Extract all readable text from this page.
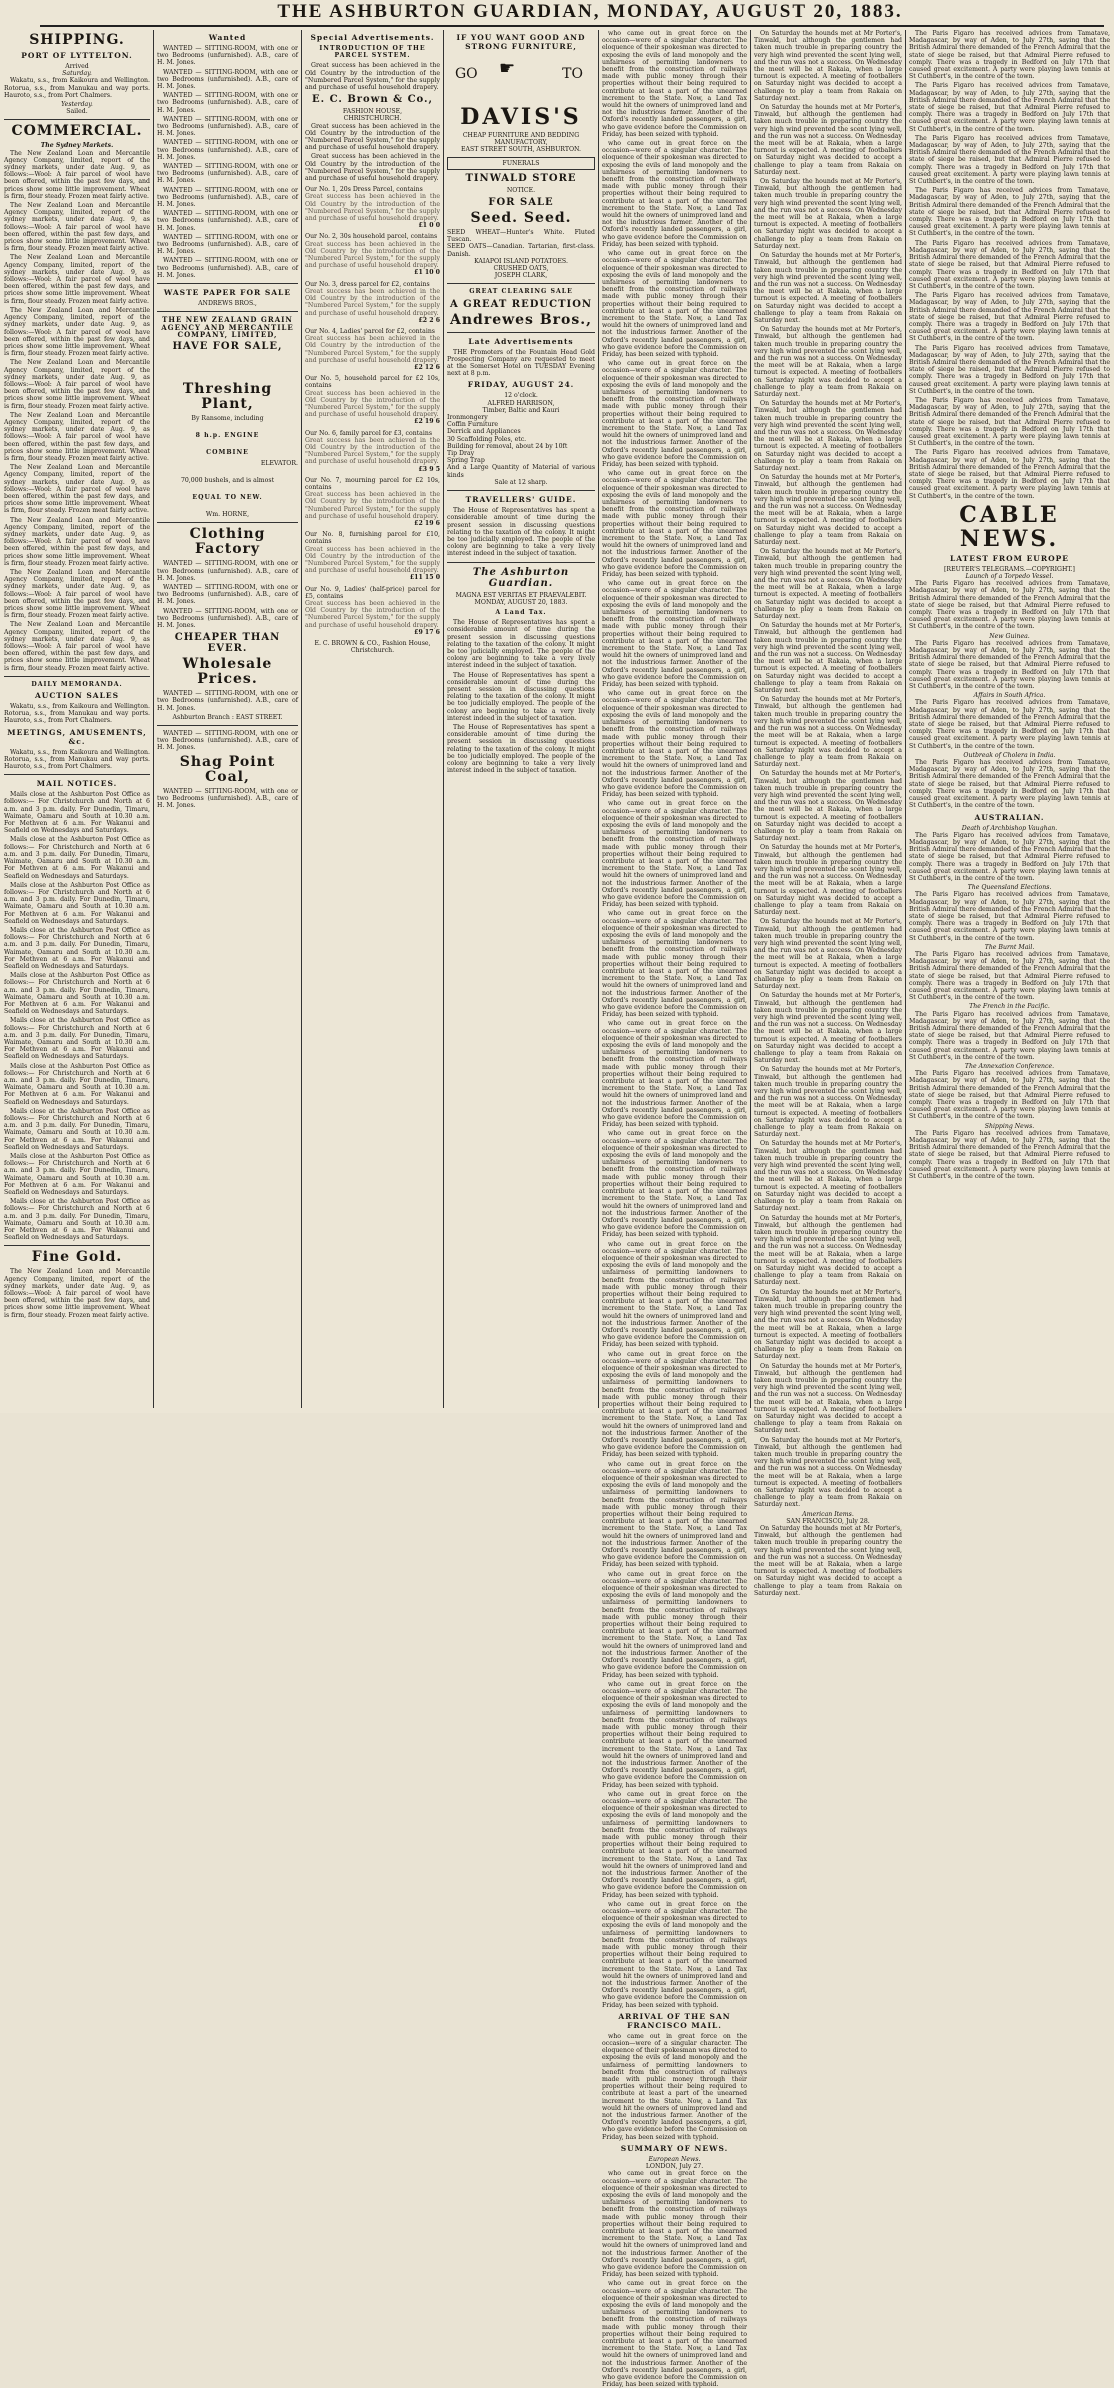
THE ASHBURTON GUARDIAN, MONDAY, AUGUST 20, 1883.
SHIPPING.
PORT OF LYTTELTON.
Arrived
Saturday.

Wakatu, s.s., from Kaikoura and Wellington. Rotorua, s.s., from Manukau and way ports. Hauroto, s.s., from Port Chalmers.

Yesterday.
Sailed.
COMMERCIAL.
The Sydney Markets.

The New Zealand Loan and Mercantile Agency Company, limited, report of the sydney markets, under date Aug. 9, as follows:—Wool: A fair parcel of wool have been offered, within the past few days, and prices show some little improvement. Wheat is firm, flour steady. Frozen meat fairly active.

The New Zealand Loan and Mercantile Agency Company, limited, report of the sydney markets, under date Aug. 9, as follows:—Wool: A fair parcel of wool have been offered, within the past few days, and prices show some little improvement. Wheat is firm, flour steady. Frozen meat fairly active.

The New Zealand Loan and Mercantile Agency Company, limited, report of the sydney markets, under date Aug. 9, as follows:—Wool: A fair parcel of wool have been offered, within the past few days, and prices show some little improvement. Wheat is firm, flour steady. Frozen meat fairly active.

The New Zealand Loan and Mercantile Agency Company, limited, report of the sydney markets, under date Aug. 9, as follows:—Wool: A fair parcel of wool have been offered, within the past few days, and prices show some little improvement. Wheat is firm, flour steady. Frozen meat fairly active.

The New Zealand Loan and Mercantile Agency Company, limited, report of the sydney markets, under date Aug. 9, as follows:—Wool: A fair parcel of wool have been offered, within the past few days, and prices show some little improvement. Wheat is firm, flour steady. Frozen meat fairly active.

The New Zealand Loan and Mercantile Agency Company, limited, report of the sydney markets, under date Aug. 9, as follows:—Wool: A fair parcel of wool have been offered, within the past few days, and prices show some little improvement. Wheat is firm, flour steady. Frozen meat fairly active.

The New Zealand Loan and Mercantile Agency Company, limited, report of the sydney markets, under date Aug. 9, as follows:—Wool: A fair parcel of wool have been offered, within the past few days, and prices show some little improvement. Wheat is firm, flour steady. Frozen meat fairly active.

The New Zealand Loan and Mercantile Agency Company, limited, report of the sydney markets, under date Aug. 9, as follows:—Wool: A fair parcel of wool have been offered, within the past few days, and prices show some little improvement. Wheat is firm, flour steady. Frozen meat fairly active.

The New Zealand Loan and Mercantile Agency Company, limited, report of the sydney markets, under date Aug. 9, as follows:—Wool: A fair parcel of wool have been offered, within the past few days, and prices show some little improvement. Wheat is firm, flour steady. Frozen meat fairly active.

The New Zealand Loan and Mercantile Agency Company, limited, report of the sydney markets, under date Aug. 9, as follows:—Wool: A fair parcel of wool have been offered, within the past few days, and prices show some little improvement. Wheat is firm, flour steady. Frozen meat fairly active.

DAILY MEMORANDA.
AUCTION SALES

Wakatu, s.s., from Kaikoura and Wellington. Rotorua, s.s., from Manukau and way ports. Hauroto, s.s., from Port Chalmers.

MEETINGS, AMUSEMENTS, &c.

Wakatu, s.s., from Kaikoura and Wellington. Rotorua, s.s., from Manukau and way ports. Hauroto, s.s., from Port Chalmers.

MAIL NOTICES.

Mails close at the Ashburton Post Office as follows:— For Christchurch and North at 6 a.m. and 3 p.m. daily. For Dunedin, Timaru, Waimate, Oamaru and South at 10.30 a.m. For Methven at 6 a.m. For Wakanui and Seafield on Wednesdays and Saturdays.

Mails close at the Ashburton Post Office as follows:— For Christchurch and North at 6 a.m. and 3 p.m. daily. For Dunedin, Timaru, Waimate, Oamaru and South at 10.30 a.m. For Methven at 6 a.m. For Wakanui and Seafield on Wednesdays and Saturdays.

Mails close at the Ashburton Post Office as follows:— For Christchurch and North at 6 a.m. and 3 p.m. daily. For Dunedin, Timaru, Waimate, Oamaru and South at 10.30 a.m. For Methven at 6 a.m. For Wakanui and Seafield on Wednesdays and Saturdays.

Mails close at the Ashburton Post Office as follows:— For Christchurch and North at 6 a.m. and 3 p.m. daily. For Dunedin, Timaru, Waimate, Oamaru and South at 10.30 a.m. For Methven at 6 a.m. For Wakanui and Seafield on Wednesdays and Saturdays.

Mails close at the Ashburton Post Office as follows:— For Christchurch and North at 6 a.m. and 3 p.m. daily. For Dunedin, Timaru, Waimate, Oamaru and South at 10.30 a.m. For Methven at 6 a.m. For Wakanui and Seafield on Wednesdays and Saturdays.

Mails close at the Ashburton Post Office as follows:— For Christchurch and North at 6 a.m. and 3 p.m. daily. For Dunedin, Timaru, Waimate, Oamaru and South at 10.30 a.m. For Methven at 6 a.m. For Wakanui and Seafield on Wednesdays and Saturdays.

Mails close at the Ashburton Post Office as follows:— For Christchurch and North at 6 a.m. and 3 p.m. daily. For Dunedin, Timaru, Waimate, Oamaru and South at 10.30 a.m. For Methven at 6 a.m. For Wakanui and Seafield on Wednesdays and Saturdays.

Mails close at the Ashburton Post Office as follows:— For Christchurch and North at 6 a.m. and 3 p.m. daily. For Dunedin, Timaru, Waimate, Oamaru and South at 10.30 a.m. For Methven at 6 a.m. For Wakanui and Seafield on Wednesdays and Saturdays.

Mails close at the Ashburton Post Office as follows:— For Christchurch and North at 6 a.m. and 3 p.m. daily. For Dunedin, Timaru, Waimate, Oamaru and South at 10.30 a.m. For Methven at 6 a.m. For Wakanui and Seafield on Wednesdays and Saturdays.

Mails close at the Ashburton Post Office as follows:— For Christchurch and North at 6 a.m. and 3 p.m. daily. For Dunedin, Timaru, Waimate, Oamaru and South at 10.30 a.m. For Methven at 6 a.m. For Wakanui and Seafield on Wednesdays and Saturdays.

Fine Gold.

The New Zealand Loan and Mercantile Agency Company, limited, report of the sydney markets, under date Aug. 9, as follows:—Wool: A fair parcel of wool have been offered, within the past few days, and prices show some little improvement. Wheat is firm, flour steady. Frozen meat fairly active.

Wanted

WANTED — SITTING-ROOM, with one or two Bedrooms (unfurnished). A.B., care of H. M. Jones.

WANTED — SITTING-ROOM, with one or two Bedrooms (unfurnished). A.B., care of H. M. Jones.

WANTED — SITTING-ROOM, with one or two Bedrooms (unfurnished). A.B., care of H. M. Jones.

WANTED — SITTING-ROOM, with one or two Bedrooms (unfurnished). A.B., care of H. M. Jones.

WANTED — SITTING-ROOM, with one or two Bedrooms (unfurnished). A.B., care of H. M. Jones.

WANTED — SITTING-ROOM, with one or two Bedrooms (unfurnished). A.B., care of H. M. Jones.

WANTED — SITTING-ROOM, with one or two Bedrooms (unfurnished). A.B., care of H. M. Jones.

WANTED — SITTING-ROOM, with one or two Bedrooms (unfurnished). A.B., care of H. M. Jones.

WANTED — SITTING-ROOM, with one or two Bedrooms (unfurnished). A.B., care of H. M. Jones.

WANTED — SITTING-ROOM, with one or two Bedrooms (unfurnished). A.B., care of H. M. Jones.

WASTE PAPER FOR SALE
ANDREWS BROS.,
THE NEW ZEALAND GRAIN AGENCY AND MERCANTILE COMPANY, LIMITED,
HAVE FOR SALE,
Threshing Plant,
By Ransome, including
8 h.p. ENGINE
COMBINE
ELEVATOR.
70,000 bushels, and is almost
EQUAL TO NEW.
Wm. HORNE,
Clothing Factory

WANTED — SITTING-ROOM, with one or two Bedrooms (unfurnished). A.B., care of H. M. Jones.

WANTED — SITTING-ROOM, with one or two Bedrooms (unfurnished). A.B., care of H. M. Jones.

WANTED — SITTING-ROOM, with one or two Bedrooms (unfurnished). A.B., care of H. M. Jones.

CHEAPER THAN EVER.
Wholesale Prices.

WANTED — SITTING-ROOM, with one or two Bedrooms (unfurnished). A.B., care of H. M. Jones.

Ashburton Branch : EAST STREET.

WANTED — SITTING-ROOM, with one or two Bedrooms (unfurnished). A.B., care of H. M. Jones.

Shag Point Coal,

WANTED — SITTING-ROOM, with one or two Bedrooms (unfurnished). A.B., care of H. M. Jones.

Special Advertisements.
INTRODUCTION OF THE PARCEL SYSTEM.

Great success has been achieved in the Old Country by the introduction of the "Numbered Parcel System," for the supply and purchase of useful household drapery.

E. C. Brown & Co.,
FASHION HOUSE,
CHRISTCHURCH.

Great success has been achieved in the Old Country by the introduction of the "Numbered Parcel System," for the supply and purchase of useful household drapery.

Great success has been achieved in the Old Country by the introduction of the "Numbered Parcel System," for the supply and purchase of useful household drapery.

Our No. 1, 20s Dress Parcel, contains
Great success has been achieved in the Old Country by the introduction of the "Numbered Parcel System," for the supply and purchase of useful household drapery.
£1 0 0
Our No. 2, 30s household parcel, contains
Great success has been achieved in the Old Country by the introduction of the "Numbered Parcel System," for the supply and purchase of useful household drapery.
£1 10 0
Our No. 3, dress parcel for £2, contains
Great success has been achieved in the Old Country by the introduction of the "Numbered Parcel System," for the supply and purchase of useful household drapery.
£2 2 6
Our No. 4, Ladies' parcel for £2, contains
Great success has been achieved in the Old Country by the introduction of the "Numbered Parcel System," for the supply and purchase of useful household drapery.
£2 12 6
Our No. 5, household parcel for £2 10s, contains
Great success has been achieved in the Old Country by the introduction of the "Numbered Parcel System," for the supply and purchase of useful household drapery.
£2 19 6
Our No. 6, family parcel for £3, contains
Great success has been achieved in the Old Country by the introduction of the "Numbered Parcel System," for the supply and purchase of useful household drapery.
£3 9 5
Our No. 7, mourning parcel for £2 10s, contains
Great success has been achieved in the Old Country by the introduction of the "Numbered Parcel System," for the supply and purchase of useful household drapery.
£2 19 6
Our No. 8, furnishing parcel for £10, contains
Great success has been achieved in the Old Country by the introduction of the "Numbered Parcel System," for the supply and purchase of useful household drapery.
£11 15 0
Our No. 9, Ladies' (half-price) parcel for £5, contains
Great success has been achieved in the Old Country by the introduction of the "Numbered Parcel System," for the supply and purchase of useful household drapery.
£9 17 6
E. C. BROWN & CO., Fashion House, Christchurch.
IF YOU WANT GOOD AND STRONG FURNITURE,
GO ☛	TO
DAVIS'S
CHEAP FURNITURE AND BEDDING MANUFACTORY,
EAST STREET SOUTH, ASHBURTON.
FUNERALS
TINWALD STORE
NOTICE.
FOR SALE
Seed. Seed.
SEED WHEAT—Hunter's White. Fluted Tuscan.
SEED OATS—Canadian. Tartarian, first-class. Danish.
KAIAPOI ISLAND POTATOES.
CRUSHED OATS,
JOSEPH CLARK,
GREAT CLEARING SALE
A GREAT REDUCTION
Andrewes Bros.,
Late Advertisements

THE Promoters of the Fountain Head Gold Prospecting Company are requested to meet at the Somerset Hotel on TUESDAY Evening next at 8 p.m.

FRIDAY, AUGUST 24.
12 o'clock.
ALFRED HARRISON,
Timber, Baltic and Kauri
Ironmongery
Coffin Furniture
Derrick and Appliances
30 Scaffolding Poles, etc.
Building for removal, about 24 by 10ft
Tip Dray
Spring Trap
And a Large Quantity of Material of various kinds
Sale at 12 sharp.
TRAVELLERS' GUIDE.

The House of Representatives has spent a considerable amount of time during the present session in discussing questions relating to the taxation of the colony. It might be too judicially employed. The people of the colony are beginning to take a very lively interest indeed in the subject of taxation.

The Ashburton Guardian.
MAGNA EST VERITAS ET PRAEVALEBIT.
MONDAY, AUGUST 20, 1883.
A Land Tax.

The House of Representatives has spent a considerable amount of time during the present session in discussing questions relating to the taxation of the colony. It might be too judicially employed. The people of the colony are beginning to take a very lively interest indeed in the subject of taxation.

The House of Representatives has spent a considerable amount of time during the present session in discussing questions relating to the taxation of the colony. It might be too judicially employed. The people of the colony are beginning to take a very lively interest indeed in the subject of taxation.

The House of Representatives has spent a considerable amount of time during the present session in discussing questions relating to the taxation of the colony. It might be too judicially employed. The people of the colony are beginning to take a very lively interest indeed in the subject of taxation.

who came out in great force on the occasion—were of a singular character. The eloquence of their spokesman was directed to exposing the evils of land monopoly and the unfairness of permitting landowners to benefit from the construction of railways made with public money through their properties without their being required to contribute at least a part of the unearned increment to the State. Now, a Land Tax would hit the owners of unimproved land and not the industrious farmer. Another of the Oxford's recently landed passengers, a girl, who gave evidence before the Commission on Friday, has been seized with typhoid.

who came out in great force on the occasion—were of a singular character. The eloquence of their spokesman was directed to exposing the evils of land monopoly and the unfairness of permitting landowners to benefit from the construction of railways made with public money through their properties without their being required to contribute at least a part of the unearned increment to the State. Now, a Land Tax would hit the owners of unimproved land and not the industrious farmer. Another of the Oxford's recently landed passengers, a girl, who gave evidence before the Commission on Friday, has been seized with typhoid.

who came out in great force on the occasion—were of a singular character. The eloquence of their spokesman was directed to exposing the evils of land monopoly and the unfairness of permitting landowners to benefit from the construction of railways made with public money through their properties without their being required to contribute at least a part of the unearned increment to the State. Now, a Land Tax would hit the owners of unimproved land and not the industrious farmer. Another of the Oxford's recently landed passengers, a girl, who gave evidence before the Commission on Friday, has been seized with typhoid.

who came out in great force on the occasion—were of a singular character. The eloquence of their spokesman was directed to exposing the evils of land monopoly and the unfairness of permitting landowners to benefit from the construction of railways made with public money through their properties without their being required to contribute at least a part of the unearned increment to the State. Now, a Land Tax would hit the owners of unimproved land and not the industrious farmer. Another of the Oxford's recently landed passengers, a girl, who gave evidence before the Commission on Friday, has been seized with typhoid.

who came out in great force on the occasion—were of a singular character. The eloquence of their spokesman was directed to exposing the evils of land monopoly and the unfairness of permitting landowners to benefit from the construction of railways made with public money through their properties without their being required to contribute at least a part of the unearned increment to the State. Now, a Land Tax would hit the owners of unimproved land and not the industrious farmer. Another of the Oxford's recently landed passengers, a girl, who gave evidence before the Commission on Friday, has been seized with typhoid.

who came out in great force on the occasion—were of a singular character. The eloquence of their spokesman was directed to exposing the evils of land monopoly and the unfairness of permitting landowners to benefit from the construction of railways made with public money through their properties without their being required to contribute at least a part of the unearned increment to the State. Now, a Land Tax would hit the owners of unimproved land and not the industrious farmer. Another of the Oxford's recently landed passengers, a girl, who gave evidence before the Commission on Friday, has been seized with typhoid.

who came out in great force on the occasion—were of a singular character. The eloquence of their spokesman was directed to exposing the evils of land monopoly and the unfairness of permitting landowners to benefit from the construction of railways made with public money through their properties without their being required to contribute at least a part of the unearned increment to the State. Now, a Land Tax would hit the owners of unimproved land and not the industrious farmer. Another of the Oxford's recently landed passengers, a girl, who gave evidence before the Commission on Friday, has been seized with typhoid.

who came out in great force on the occasion—were of a singular character. The eloquence of their spokesman was directed to exposing the evils of land monopoly and the unfairness of permitting landowners to benefit from the construction of railways made with public money through their properties without their being required to contribute at least a part of the unearned increment to the State. Now, a Land Tax would hit the owners of unimproved land and not the industrious farmer. Another of the Oxford's recently landed passengers, a girl, who gave evidence before the Commission on Friday, has been seized with typhoid.

who came out in great force on the occasion—were of a singular character. The eloquence of their spokesman was directed to exposing the evils of land monopoly and the unfairness of permitting landowners to benefit from the construction of railways made with public money through their properties without their being required to contribute at least a part of the unearned increment to the State. Now, a Land Tax would hit the owners of unimproved land and not the industrious farmer. Another of the Oxford's recently landed passengers, a girl, who gave evidence before the Commission on Friday, has been seized with typhoid.

who came out in great force on the occasion—were of a singular character. The eloquence of their spokesman was directed to exposing the evils of land monopoly and the unfairness of permitting landowners to benefit from the construction of railways made with public money through their properties without their being required to contribute at least a part of the unearned increment to the State. Now, a Land Tax would hit the owners of unimproved land and not the industrious farmer. Another of the Oxford's recently landed passengers, a girl, who gave evidence before the Commission on Friday, has been seized with typhoid.

who came out in great force on the occasion—were of a singular character. The eloquence of their spokesman was directed to exposing the evils of land monopoly and the unfairness of permitting landowners to benefit from the construction of railways made with public money through their properties without their being required to contribute at least a part of the unearned increment to the State. Now, a Land Tax would hit the owners of unimproved land and not the industrious farmer. Another of the Oxford's recently landed passengers, a girl, who gave evidence before the Commission on Friday, has been seized with typhoid.

who came out in great force on the occasion—were of a singular character. The eloquence of their spokesman was directed to exposing the evils of land monopoly and the unfairness of permitting landowners to benefit from the construction of railways made with public money through their properties without their being required to contribute at least a part of the unearned increment to the State. Now, a Land Tax would hit the owners of unimproved land and not the industrious farmer. Another of the Oxford's recently landed passengers, a girl, who gave evidence before the Commission on Friday, has been seized with typhoid.

who came out in great force on the occasion—were of a singular character. The eloquence of their spokesman was directed to exposing the evils of land monopoly and the unfairness of permitting landowners to benefit from the construction of railways made with public money through their properties without their being required to contribute at least a part of the unearned increment to the State. Now, a Land Tax would hit the owners of unimproved land and not the industrious farmer. Another of the Oxford's recently landed passengers, a girl, who gave evidence before the Commission on Friday, has been seized with typhoid.

who came out in great force on the occasion—were of a singular character. The eloquence of their spokesman was directed to exposing the evils of land monopoly and the unfairness of permitting landowners to benefit from the construction of railways made with public money through their properties without their being required to contribute at least a part of the unearned increment to the State. Now, a Land Tax would hit the owners of unimproved land and not the industrious farmer. Another of the Oxford's recently landed passengers, a girl, who gave evidence before the Commission on Friday, has been seized with typhoid.

who came out in great force on the occasion—were of a singular character. The eloquence of their spokesman was directed to exposing the evils of land monopoly and the unfairness of permitting landowners to benefit from the construction of railways made with public money through their properties without their being required to contribute at least a part of the unearned increment to the State. Now, a Land Tax would hit the owners of unimproved land and not the industrious farmer. Another of the Oxford's recently landed passengers, a girl, who gave evidence before the Commission on Friday, has been seized with typhoid.

who came out in great force on the occasion—were of a singular character. The eloquence of their spokesman was directed to exposing the evils of land monopoly and the unfairness of permitting landowners to benefit from the construction of railways made with public money through their properties without their being required to contribute at least a part of the unearned increment to the State. Now, a Land Tax would hit the owners of unimproved land and not the industrious farmer. Another of the Oxford's recently landed passengers, a girl, who gave evidence before the Commission on Friday, has been seized with typhoid.

who came out in great force on the occasion—were of a singular character. The eloquence of their spokesman was directed to exposing the evils of land monopoly and the unfairness of permitting landowners to benefit from the construction of railways made with public money through their properties without their being required to contribute at least a part of the unearned increment to the State. Now, a Land Tax would hit the owners of unimproved land and not the industrious farmer. Another of the Oxford's recently landed passengers, a girl, who gave evidence before the Commission on Friday, has been seized with typhoid.

who came out in great force on the occasion—were of a singular character. The eloquence of their spokesman was directed to exposing the evils of land monopoly and the unfairness of permitting landowners to benefit from the construction of railways made with public money through their properties without their being required to contribute at least a part of the unearned increment to the State. Now, a Land Tax would hit the owners of unimproved land and not the industrious farmer. Another of the Oxford's recently landed passengers, a girl, who gave evidence before the Commission on Friday, has been seized with typhoid.

ARRIVAL OF THE SAN FRANCISCO MAIL.

who came out in great force on the occasion—were of a singular character. The eloquence of their spokesman was directed to exposing the evils of land monopoly and the unfairness of permitting landowners to benefit from the construction of railways made with public money through their properties without their being required to contribute at least a part of the unearned increment to the State. Now, a Land Tax would hit the owners of unimproved land and not the industrious farmer. Another of the Oxford's recently landed passengers, a girl, who gave evidence before the Commission on Friday, has been seized with typhoid.

SUMMARY OF NEWS.
European News.
LONDON, July 27.

who came out in great force on the occasion—were of a singular character. The eloquence of their spokesman was directed to exposing the evils of land monopoly and the unfairness of permitting landowners to benefit from the construction of railways made with public money through their properties without their being required to contribute at least a part of the unearned increment to the State. Now, a Land Tax would hit the owners of unimproved land and not the industrious farmer. Another of the Oxford's recently landed passengers, a girl, who gave evidence before the Commission on Friday, has been seized with typhoid.

who came out in great force on the occasion—were of a singular character. The eloquence of their spokesman was directed to exposing the evils of land monopoly and the unfairness of permitting landowners to benefit from the construction of railways made with public money through their properties without their being required to contribute at least a part of the unearned increment to the State. Now, a Land Tax would hit the owners of unimproved land and not the industrious farmer. Another of the Oxford's recently landed passengers, a girl, who gave evidence before the Commission on Friday, has been seized with typhoid.

On Saturday the hounds met at Mr Porter's, Tinwald, but although the gentlemen had taken much trouble in preparing country the very high wind prevented the scent lying well, and the run was not a success. On Wednesday the meet will be at Rakaia, when a large turnout is expected. A meeting of footballers on Saturday night was decided to accept a challenge to play a team from Rakaia on Saturday next.

On Saturday the hounds met at Mr Porter's, Tinwald, but although the gentlemen had taken much trouble in preparing country the very high wind prevented the scent lying well, and the run was not a success. On Wednesday the meet will be at Rakaia, when a large turnout is expected. A meeting of footballers on Saturday night was decided to accept a challenge to play a team from Rakaia on Saturday next.

On Saturday the hounds met at Mr Porter's, Tinwald, but although the gentlemen had taken much trouble in preparing country the very high wind prevented the scent lying well, and the run was not a success. On Wednesday the meet will be at Rakaia, when a large turnout is expected. A meeting of footballers on Saturday night was decided to accept a challenge to play a team from Rakaia on Saturday next.

On Saturday the hounds met at Mr Porter's, Tinwald, but although the gentlemen had taken much trouble in preparing country the very high wind prevented the scent lying well, and the run was not a success. On Wednesday the meet will be at Rakaia, when a large turnout is expected. A meeting of footballers on Saturday night was decided to accept a challenge to play a team from Rakaia on Saturday next.

On Saturday the hounds met at Mr Porter's, Tinwald, but although the gentlemen had taken much trouble in preparing country the very high wind prevented the scent lying well, and the run was not a success. On Wednesday the meet will be at Rakaia, when a large turnout is expected. A meeting of footballers on Saturday night was decided to accept a challenge to play a team from Rakaia on Saturday next.

On Saturday the hounds met at Mr Porter's, Tinwald, but although the gentlemen had taken much trouble in preparing country the very high wind prevented the scent lying well, and the run was not a success. On Wednesday the meet will be at Rakaia, when a large turnout is expected. A meeting of footballers on Saturday night was decided to accept a challenge to play a team from Rakaia on Saturday next.

On Saturday the hounds met at Mr Porter's, Tinwald, but although the gentlemen had taken much trouble in preparing country the very high wind prevented the scent lying well, and the run was not a success. On Wednesday the meet will be at Rakaia, when a large turnout is expected. A meeting of footballers on Saturday night was decided to accept a challenge to play a team from Rakaia on Saturday next.

On Saturday the hounds met at Mr Porter's, Tinwald, but although the gentlemen had taken much trouble in preparing country the very high wind prevented the scent lying well, and the run was not a success. On Wednesday the meet will be at Rakaia, when a large turnout is expected. A meeting of footballers on Saturday night was decided to accept a challenge to play a team from Rakaia on Saturday next.

On Saturday the hounds met at Mr Porter's, Tinwald, but although the gentlemen had taken much trouble in preparing country the very high wind prevented the scent lying well, and the run was not a success. On Wednesday the meet will be at Rakaia, when a large turnout is expected. A meeting of footballers on Saturday night was decided to accept a challenge to play a team from Rakaia on Saturday next.

On Saturday the hounds met at Mr Porter's, Tinwald, but although the gentlemen had taken much trouble in preparing country the very high wind prevented the scent lying well, and the run was not a success. On Wednesday the meet will be at Rakaia, when a large turnout is expected. A meeting of footballers on Saturday night was decided to accept a challenge to play a team from Rakaia on Saturday next.

On Saturday the hounds met at Mr Porter's, Tinwald, but although the gentlemen had taken much trouble in preparing country the very high wind prevented the scent lying well, and the run was not a success. On Wednesday the meet will be at Rakaia, when a large turnout is expected. A meeting of footballers on Saturday night was decided to accept a challenge to play a team from Rakaia on Saturday next.

On Saturday the hounds met at Mr Porter's, Tinwald, but although the gentlemen had taken much trouble in preparing country the very high wind prevented the scent lying well, and the run was not a success. On Wednesday the meet will be at Rakaia, when a large turnout is expected. A meeting of footballers on Saturday night was decided to accept a challenge to play a team from Rakaia on Saturday next.

On Saturday the hounds met at Mr Porter's, Tinwald, but although the gentlemen had taken much trouble in preparing country the very high wind prevented the scent lying well, and the run was not a success. On Wednesday the meet will be at Rakaia, when a large turnout is expected. A meeting of footballers on Saturday night was decided to accept a challenge to play a team from Rakaia on Saturday next.

On Saturday the hounds met at Mr Porter's, Tinwald, but although the gentlemen had taken much trouble in preparing country the very high wind prevented the scent lying well, and the run was not a success. On Wednesday the meet will be at Rakaia, when a large turnout is expected. A meeting of footballers on Saturday night was decided to accept a challenge to play a team from Rakaia on Saturday next.

On Saturday the hounds met at Mr Porter's, Tinwald, but although the gentlemen had taken much trouble in preparing country the very high wind prevented the scent lying well, and the run was not a success. On Wednesday the meet will be at Rakaia, when a large turnout is expected. A meeting of footballers on Saturday night was decided to accept a challenge to play a team from Rakaia on Saturday next.

On Saturday the hounds met at Mr Porter's, Tinwald, but although the gentlemen had taken much trouble in preparing country the very high wind prevented the scent lying well, and the run was not a success. On Wednesday the meet will be at Rakaia, when a large turnout is expected. A meeting of footballers on Saturday night was decided to accept a challenge to play a team from Rakaia on Saturday next.

On Saturday the hounds met at Mr Porter's, Tinwald, but although the gentlemen had taken much trouble in preparing country the very high wind prevented the scent lying well, and the run was not a success. On Wednesday the meet will be at Rakaia, when a large turnout is expected. A meeting of footballers on Saturday night was decided to accept a challenge to play a team from Rakaia on Saturday next.

On Saturday the hounds met at Mr Porter's, Tinwald, but although the gentlemen had taken much trouble in preparing country the very high wind prevented the scent lying well, and the run was not a success. On Wednesday the meet will be at Rakaia, when a large turnout is expected. A meeting of footballers on Saturday night was decided to accept a challenge to play a team from Rakaia on Saturday next.

On Saturday the hounds met at Mr Porter's, Tinwald, but although the gentlemen had taken much trouble in preparing country the very high wind prevented the scent lying well, and the run was not a success. On Wednesday the meet will be at Rakaia, when a large turnout is expected. A meeting of footballers on Saturday night was decided to accept a challenge to play a team from Rakaia on Saturday next.

On Saturday the hounds met at Mr Porter's, Tinwald, but although the gentlemen had taken much trouble in preparing country the very high wind prevented the scent lying well, and the run was not a success. On Wednesday the meet will be at Rakaia, when a large turnout is expected. A meeting of footballers on Saturday night was decided to accept a challenge to play a team from Rakaia on Saturday next.

American Items.
SAN FRANCISCO, July 28.

On Saturday the hounds met at Mr Porter's, Tinwald, but although the gentlemen had taken much trouble in preparing country the very high wind prevented the scent lying well, and the run was not a success. On Wednesday the meet will be at Rakaia, when a large turnout is expected. A meeting of footballers on Saturday night was decided to accept a challenge to play a team from Rakaia on Saturday next.

The Paris Figaro has received advices from Tamatave, Madagascar, by way of Aden, to July 27th, saying that the British Admiral there demanded of the French Admiral that the state of siege be raised, but that Admiral Pierre refused to comply. There was a tragedy in Bedford on July 17th that caused great excitement. A party were playing lawn tennis at St Cuthbert's, in the centre of the town.

The Paris Figaro has received advices from Tamatave, Madagascar, by way of Aden, to July 27th, saying that the British Admiral there demanded of the French Admiral that the state of siege be raised, but that Admiral Pierre refused to comply. There was a tragedy in Bedford on July 17th that caused great excitement. A party were playing lawn tennis at St Cuthbert's, in the centre of the town.

The Paris Figaro has received advices from Tamatave, Madagascar, by way of Aden, to July 27th, saying that the British Admiral there demanded of the French Admiral that the state of siege be raised, but that Admiral Pierre refused to comply. There was a tragedy in Bedford on July 17th that caused great excitement. A party were playing lawn tennis at St Cuthbert's, in the centre of the town.

The Paris Figaro has received advices from Tamatave, Madagascar, by way of Aden, to July 27th, saying that the British Admiral there demanded of the French Admiral that the state of siege be raised, but that Admiral Pierre refused to comply. There was a tragedy in Bedford on July 17th that caused great excitement. A party were playing lawn tennis at St Cuthbert's, in the centre of the town.

The Paris Figaro has received advices from Tamatave, Madagascar, by way of Aden, to July 27th, saying that the British Admiral there demanded of the French Admiral that the state of siege be raised, but that Admiral Pierre refused to comply. There was a tragedy in Bedford on July 17th that caused great excitement. A party were playing lawn tennis at St Cuthbert's, in the centre of the town.

The Paris Figaro has received advices from Tamatave, Madagascar, by way of Aden, to July 27th, saying that the British Admiral there demanded of the French Admiral that the state of siege be raised, but that Admiral Pierre refused to comply. There was a tragedy in Bedford on July 17th that caused great excitement. A party were playing lawn tennis at St Cuthbert's, in the centre of the town.

The Paris Figaro has received advices from Tamatave, Madagascar, by way of Aden, to July 27th, saying that the British Admiral there demanded of the French Admiral that the state of siege be raised, but that Admiral Pierre refused to comply. There was a tragedy in Bedford on July 17th that caused great excitement. A party were playing lawn tennis at St Cuthbert's, in the centre of the town.

The Paris Figaro has received advices from Tamatave, Madagascar, by way of Aden, to July 27th, saying that the British Admiral there demanded of the French Admiral that the state of siege be raised, but that Admiral Pierre refused to comply. There was a tragedy in Bedford on July 17th that caused great excitement. A party were playing lawn tennis at St Cuthbert's, in the centre of the town.

The Paris Figaro has received advices from Tamatave, Madagascar, by way of Aden, to July 27th, saying that the British Admiral there demanded of the French Admiral that the state of siege be raised, but that Admiral Pierre refused to comply. There was a tragedy in Bedford on July 17th that caused great excitement. A party were playing lawn tennis at St Cuthbert's, in the centre of the town.

CABLE NEWS.
LATEST FROM EUROPE
[REUTER'S TELEGRAMS.—COPYRIGHT.]
Launch of a Torpedo Vessel.

The Paris Figaro has received advices from Tamatave, Madagascar, by way of Aden, to July 27th, saying that the British Admiral there demanded of the French Admiral that the state of siege be raised, but that Admiral Pierre refused to comply. There was a tragedy in Bedford on July 17th that caused great excitement. A party were playing lawn tennis at St Cuthbert's, in the centre of the town.

New Guinea.

The Paris Figaro has received advices from Tamatave, Madagascar, by way of Aden, to July 27th, saying that the British Admiral there demanded of the French Admiral that the state of siege be raised, but that Admiral Pierre refused to comply. There was a tragedy in Bedford on July 17th that caused great excitement. A party were playing lawn tennis at St Cuthbert's, in the centre of the town.

Affairs in South Africa.

The Paris Figaro has received advices from Tamatave, Madagascar, by way of Aden, to July 27th, saying that the British Admiral there demanded of the French Admiral that the state of siege be raised, but that Admiral Pierre refused to comply. There was a tragedy in Bedford on July 17th that caused great excitement. A party were playing lawn tennis at St Cuthbert's, in the centre of the town.

Outbreak of Cholera in India.

The Paris Figaro has received advices from Tamatave, Madagascar, by way of Aden, to July 27th, saying that the British Admiral there demanded of the French Admiral that the state of siege be raised, but that Admiral Pierre refused to comply. There was a tragedy in Bedford on July 17th that caused great excitement. A party were playing lawn tennis at St Cuthbert's, in the centre of the town.

AUSTRALIAN.
Death of Archbishop Vaughan.

The Paris Figaro has received advices from Tamatave, Madagascar, by way of Aden, to July 27th, saying that the British Admiral there demanded of the French Admiral that the state of siege be raised, but that Admiral Pierre refused to comply. There was a tragedy in Bedford on July 17th that caused great excitement. A party were playing lawn tennis at St Cuthbert's, in the centre of the town.

The Queensland Elections.

The Paris Figaro has received advices from Tamatave, Madagascar, by way of Aden, to July 27th, saying that the British Admiral there demanded of the French Admiral that the state of siege be raised, but that Admiral Pierre refused to comply. There was a tragedy in Bedford on July 17th that caused great excitement. A party were playing lawn tennis at St Cuthbert's, in the centre of the town.

The Burnt Mail.

The Paris Figaro has received advices from Tamatave, Madagascar, by way of Aden, to July 27th, saying that the British Admiral there demanded of the French Admiral that the state of siege be raised, but that Admiral Pierre refused to comply. There was a tragedy in Bedford on July 17th that caused great excitement. A party were playing lawn tennis at St Cuthbert's, in the centre of the town.

The French in the Pacific.

The Paris Figaro has received advices from Tamatave, Madagascar, by way of Aden, to July 27th, saying that the British Admiral there demanded of the French Admiral that the state of siege be raised, but that Admiral Pierre refused to comply. There was a tragedy in Bedford on July 17th that caused great excitement. A party were playing lawn tennis at St Cuthbert's, in the centre of the town.

The Annexation Conference.

The Paris Figaro has received advices from Tamatave, Madagascar, by way of Aden, to July 27th, saying that the British Admiral there demanded of the French Admiral that the state of siege be raised, but that Admiral Pierre refused to comply. There was a tragedy in Bedford on July 17th that caused great excitement. A party were playing lawn tennis at St Cuthbert's, in the centre of the town.

Shipping News.

The Paris Figaro has received advices from Tamatave, Madagascar, by way of Aden, to July 27th, saying that the British Admiral there demanded of the French Admiral that the state of siege be raised, but that Admiral Pierre refused to comply. There was a tragedy in Bedford on July 17th that caused great excitement. A party were playing lawn tennis at St Cuthbert's, in the centre of the town.
